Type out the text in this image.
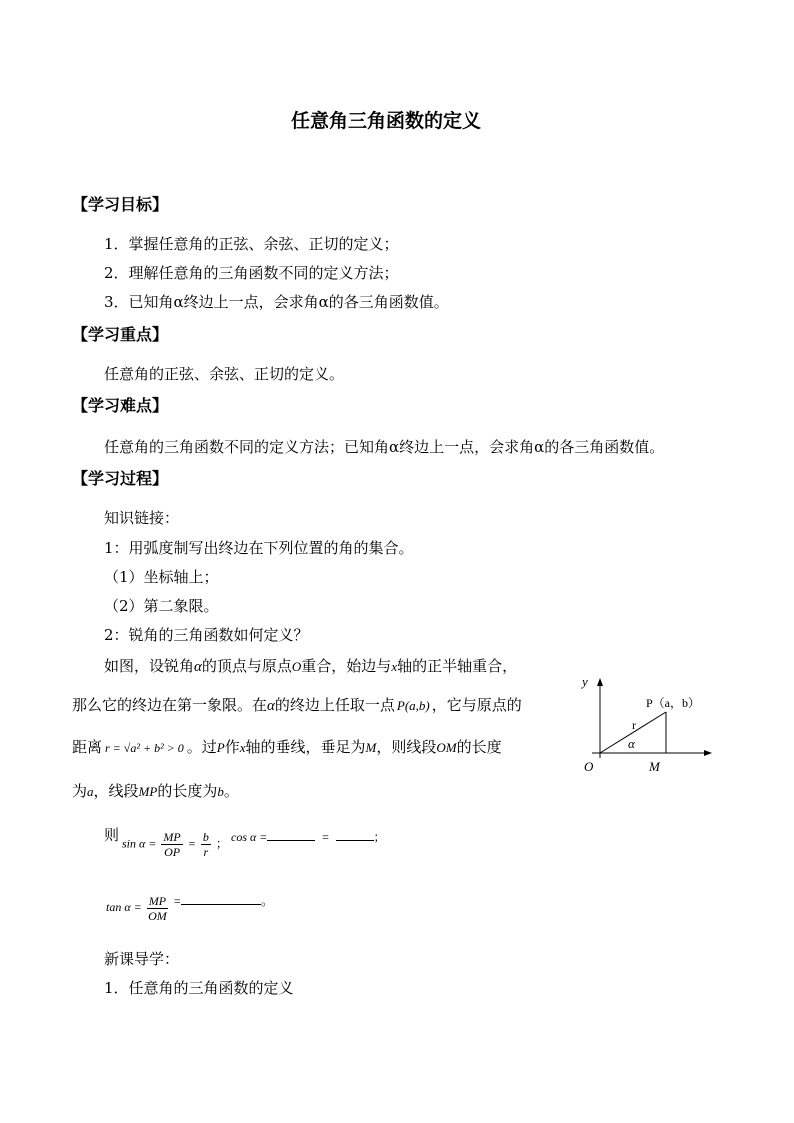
任意角三角函数的定义
【学习目标】
1．掌握任意角的正弦、余弦、正切的定义；
2．理解任意角的三角函数不同的定义方法；
3．已知角α终边上一点，会求角α的各三角函数值。
【学习重点】
任意角的正弦、余弦、正切的定义。
【学习难点】
任意角的三角函数不同的定义方法；已知角α终边上一点，会求角α的各三角函数值。
【学习过程】
知识链接：
1：用弧度制写出终边在下列位置的角的集合。
（1）坐标轴上；
（2）第二象限。
2：锐角的三角函数如何定义？
如图，设锐角α的顶点与原点O重合，始边与x轴的正半轴重合，
那么它的终边在第一象限。在α的终边上任取一点 P(a,b) ，它与原点的
距离 r = √a² + b² > 0 。过P作x轴的垂线，垂足为M，则线段OM的长度
为a，线段MP的长度为b。
y
O	M
P（a，b）
r
α
则 $\sin \alpha = \frac{MP}{OP} = \frac{b}{r}$ ； cos α =	=	；
$\tan \alpha = \frac{MP}{OM}$ =	。
新课导学：
1．任意角的三角函数的定义
